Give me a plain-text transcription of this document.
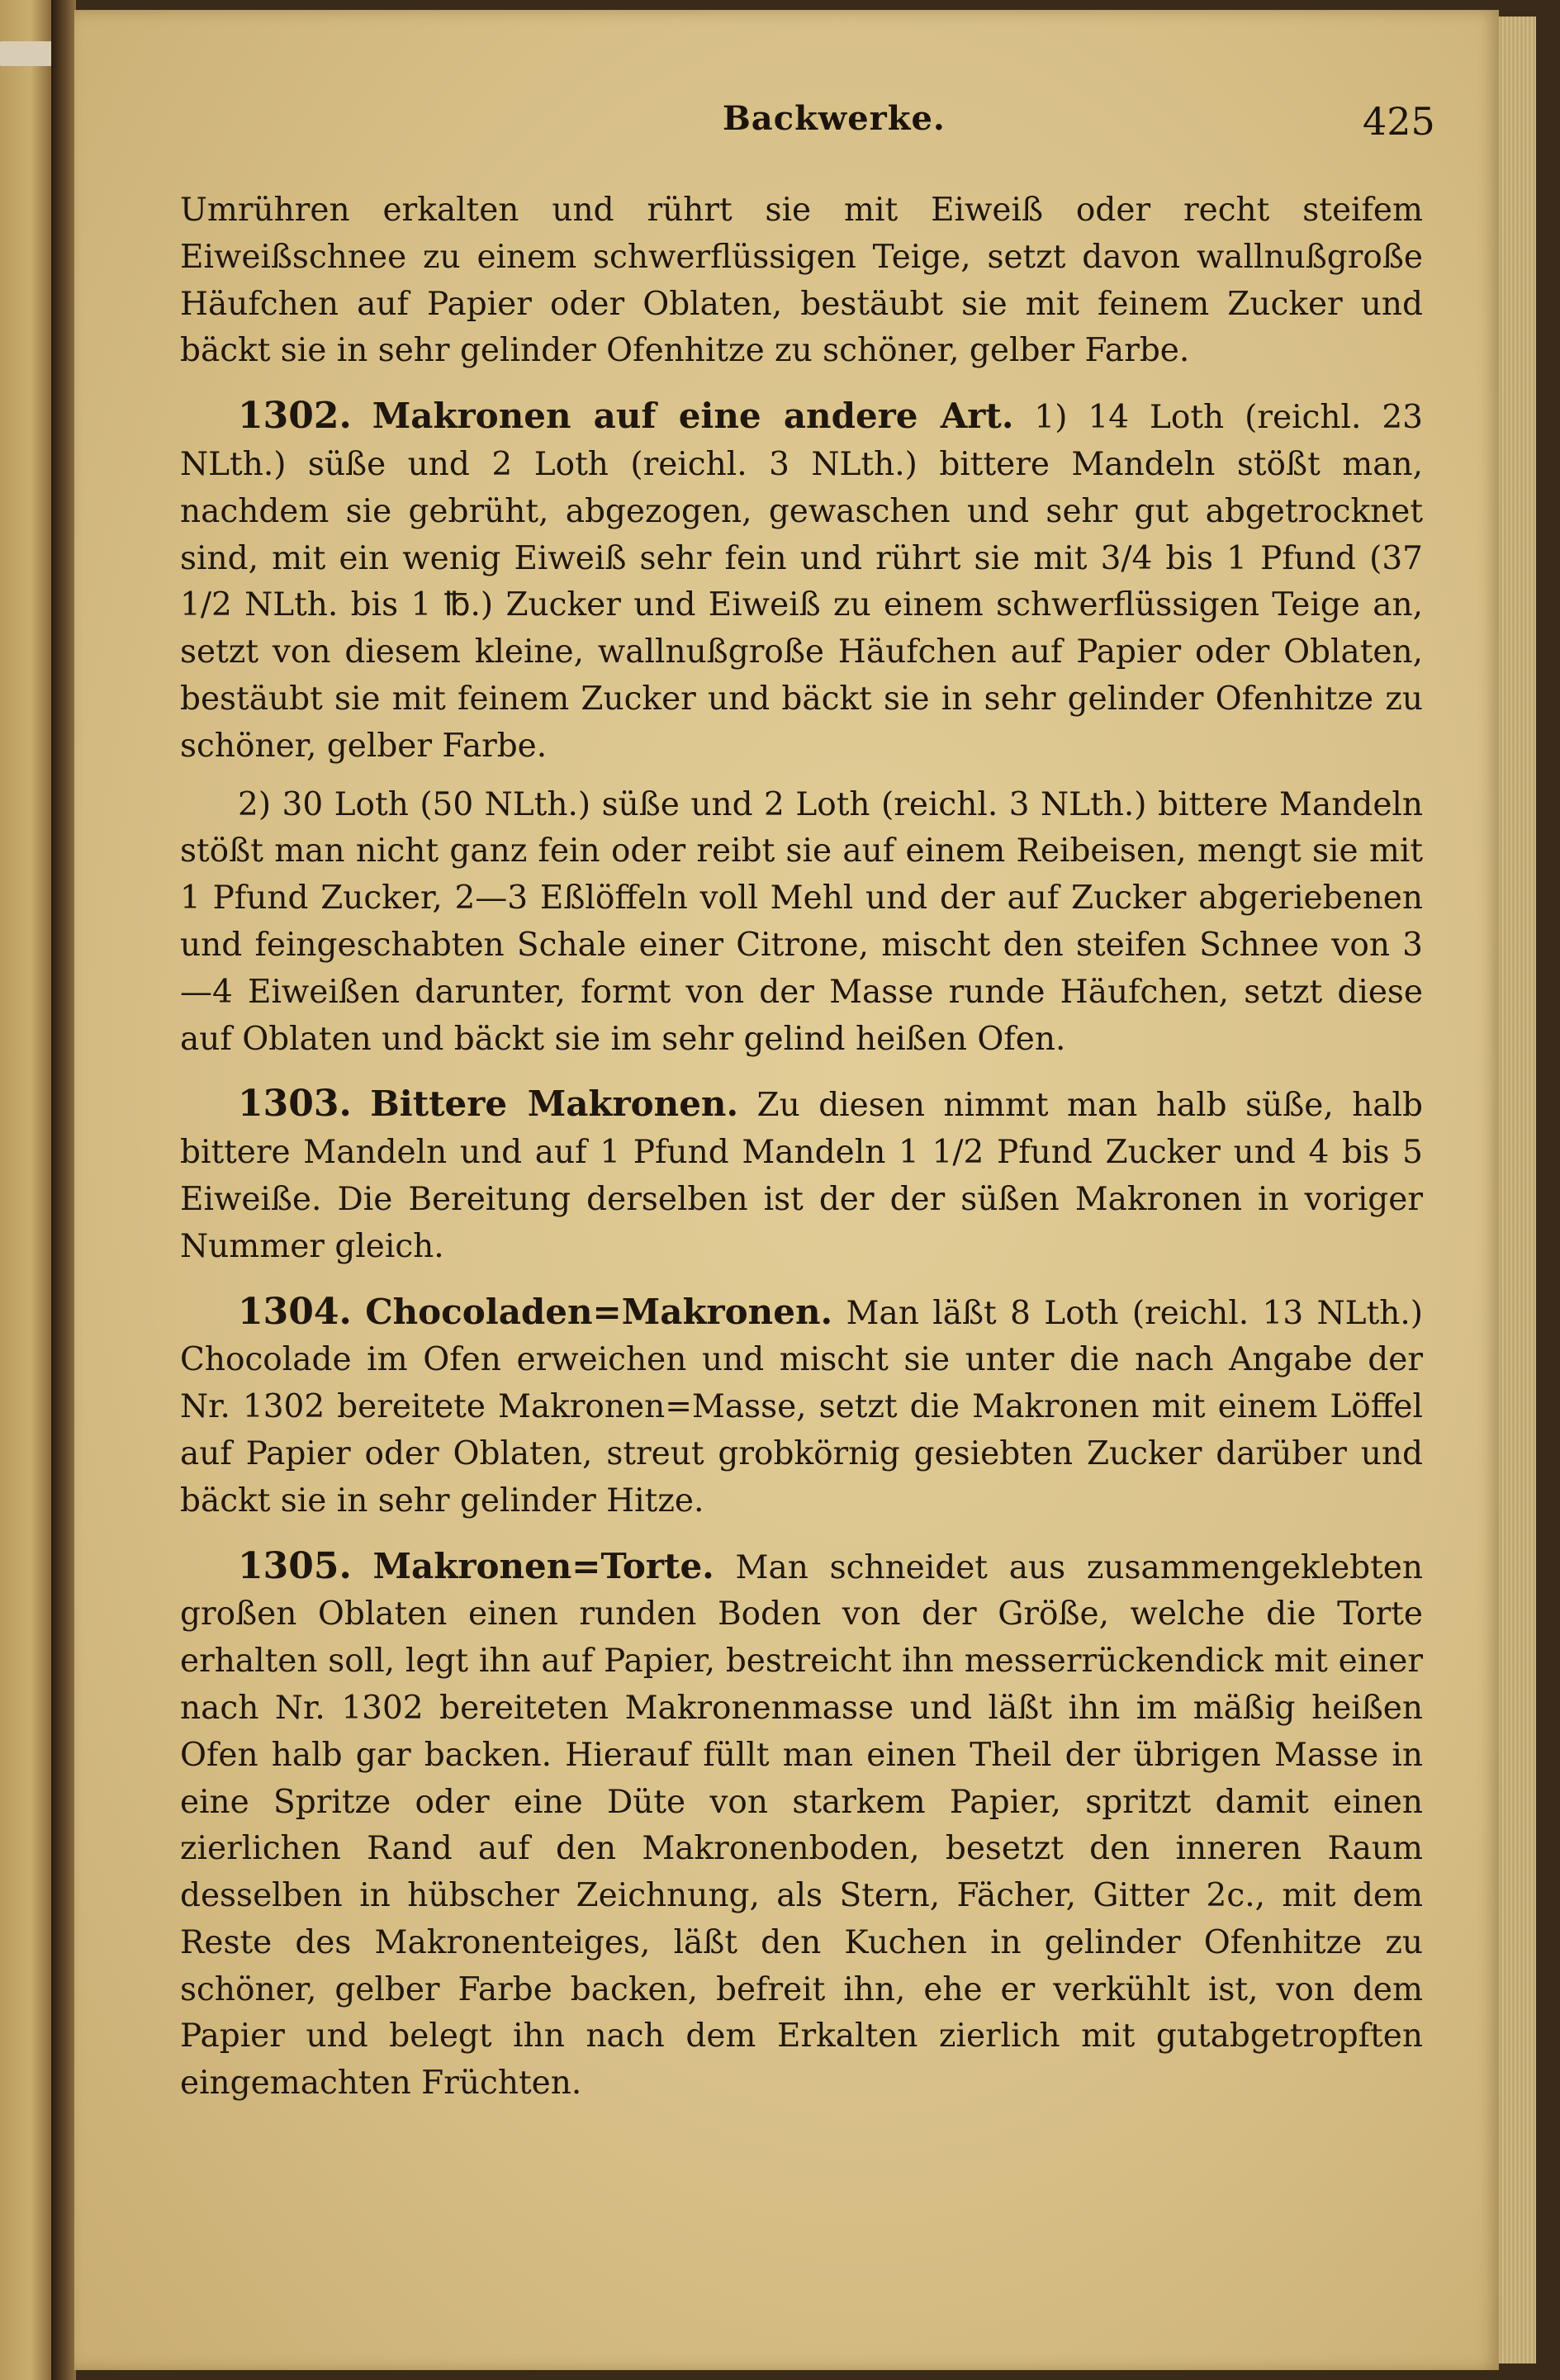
Backwerke.	425

Umrühren erkalten und rührt sie mit Eiweiß oder recht steifem Eiweißschnee zu einem schwerflüssigen Teige, setzt davon wallnußgroße Häufchen auf Papier oder Oblaten, bestäubt sie mit feinem Zucker und bäckt sie in sehr gelinder Ofenhitze zu schöner, gelber Farbe.

1302. Makronen auf eine andere Art. 1) 14 Loth (reichl. 23 NLth.) süße und 2 Loth (reichl. 3 NLth.) bittere Mandeln stößt man, nachdem sie gebrüht, abgezogen, gewaschen und sehr gut abgetrocknet sind, mit ein wenig Eiweiß sehr fein und rührt sie mit 3/4 bis 1 Pfund (37 1/2 NLth. bis 1 ℔.) Zucker und Eiweiß zu einem schwerflüssigen Teige an, setzt von diesem kleine, wallnußgroße Häufchen auf Papier oder Oblaten, bestäubt sie mit feinem Zucker und bäckt sie in sehr gelinder Ofenhitze zu schöner, gelber Farbe.

2) 30 Loth (50 NLth.) süße und 2 Loth (reichl. 3 NLth.) bittere Mandeln stößt man nicht ganz fein oder reibt sie auf einem Reibeisen, mengt sie mit 1 Pfund Zucker, 2—3 Eßlöffeln voll Mehl und der auf Zucker abgeriebenen und feingeschabten Schale einer Citrone, mischt den steifen Schnee von 3—4 Eiweißen darunter, formt von der Masse runde Häufchen, setzt diese auf Oblaten und bäckt sie im sehr gelind heißen Ofen.

1303. Bittere Makronen. Zu diesen nimmt man halb süße, halb bittere Mandeln und auf 1 Pfund Mandeln 1 1/2 Pfund Zucker und 4 bis 5 Eiweiße. Die Bereitung derselben ist der der süßen Makronen in voriger Nummer gleich.

1304. Chocoladen=Makronen. Man läßt 8 Loth (reichl. 13 NLth.) Chocolade im Ofen erweichen und mischt sie unter die nach Angabe der Nr. 1302 bereitete Makronen=Masse, setzt die Makronen mit einem Löffel auf Papier oder Oblaten, streut grobkörnig gesiebten Zucker darüber und bäckt sie in sehr gelinder Hitze.

1305. Makronen=Torte. Man schneidet aus zusammengeklebten großen Oblaten einen runden Boden von der Größe, welche die Torte erhalten soll, legt ihn auf Papier, bestreicht ihn messerrückendick mit einer nach Nr. 1302 bereiteten Makronenmasse und läßt ihn im mäßig heißen Ofen halb gar backen. Hierauf füllt man einen Theil der übrigen Masse in eine Spritze oder eine Düte von starkem Papier, spritzt damit einen zierlichen Rand auf den Makronenboden, besetzt den inneren Raum desselben in hübscher Zeichnung, als Stern, Fächer, Gitter 2c., mit dem Reste des Makronenteiges, läßt den Kuchen in gelinder Ofenhitze zu schöner, gelber Farbe backen, befreit ihn, ehe er verkühlt ist, von dem Papier und belegt ihn nach dem Erkalten zierlich mit gutabgetropften eingemachten Früchten.
